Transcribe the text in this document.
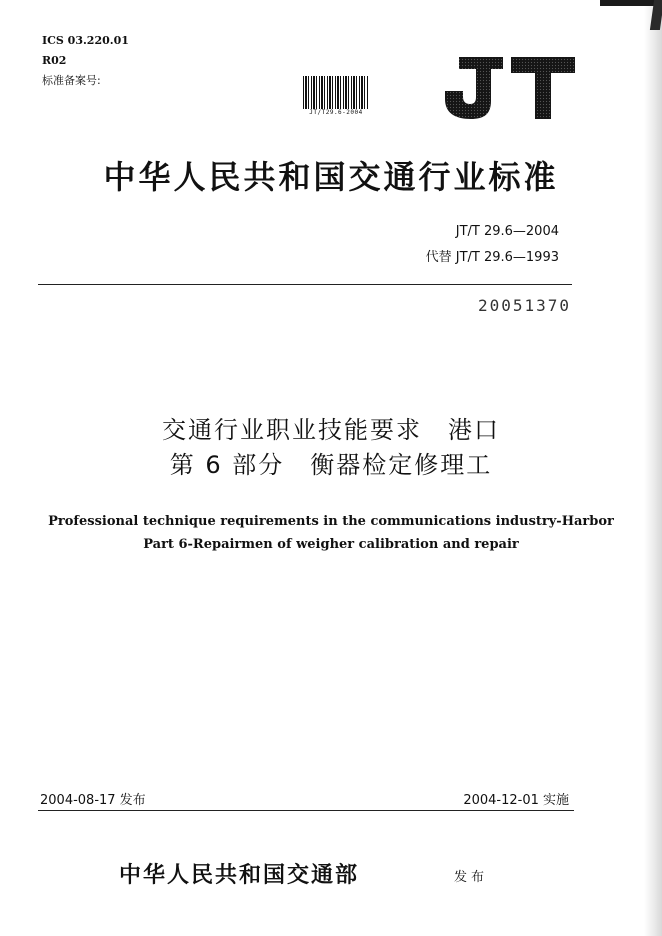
ICS 03.220.01
R02
标准备案号:
JT/T29.6-2004
中华人民共和国交通行业标准
JT/T 29.6—2004
代替 JT/T 29.6—1993
20051370
交通行业职业技能要求　港口
第 6 部分　衡器检定修理工
Professional technique requirements in the communications industry-Harbor
Part 6-Repairmen of weigher calibration and repair
2004-08-17 发布	2004-12-01 实施
中华人民共和国交通部	发布
